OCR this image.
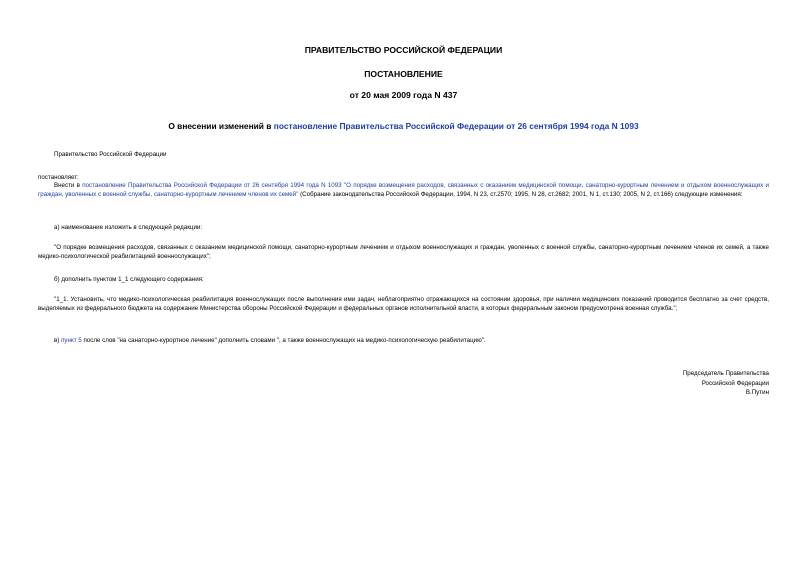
ПРАВИТЕЛЬСТВО РОССИЙСКОЙ ФЕДЕРАЦИИ
ПОСТАНОВЛЕНИЕ
от 20 мая 2009 года N 437
О внесении изменений в постановление Правительства Российской Федерации от 26 сентября 1994 года N 1093

Правительство Российской Федерации

постановляет:

Внести в постановление Правительства Российской Федерации от 26 сентября 1994 года N 1093 "О порядке возмещения расходов, связанных с оказанием медицинской помощи, санаторно-курортным лечением и отдыхом военнослужащих и граждан, уволенных с военной службы, санаторно-курортным лечением членов их семей" (Собрание законодательства Российской Федерации, 1994, N 23, ст.2570; 1995, N 28, ст.2682; 2001, N 1, ст.130; 2005, N 2, ст.166) следующие изменения:

а) наименование изложить в следующей редакции:

"О порядке возмещения расходов, связанных с оказанием медицинской помощи, санаторно-курортным лечением и отдыхом военнослужащих и граждан, уволенных с военной службы, санаторно-курортным лечением членов их семей, а также медико-психологической реабилитацией военнослужащих";

б) дополнить пунктом 1_1 следующего содержания:

"1_1. Установить, что медико-психологическая реабилитация военнослужащих после выполнения ими задач, неблагоприятно отражающихся на состоянии здоровья, при наличии медицинских показаний проводится бесплатно за счет средств, выделяемых из федерального бюджета на содержание Министерства обороны Российской Федерации и федеральных органов исполнительной власти, в которых федеральным законом предусмотрена военная служба.";

в) пункт 5 после слов "на санаторно-курортное лечение" дополнить словами ", а также военнослужащих на медико-психологическую реабилитацию".

Председатель Правительства
Российской Федерации
В.Путин
